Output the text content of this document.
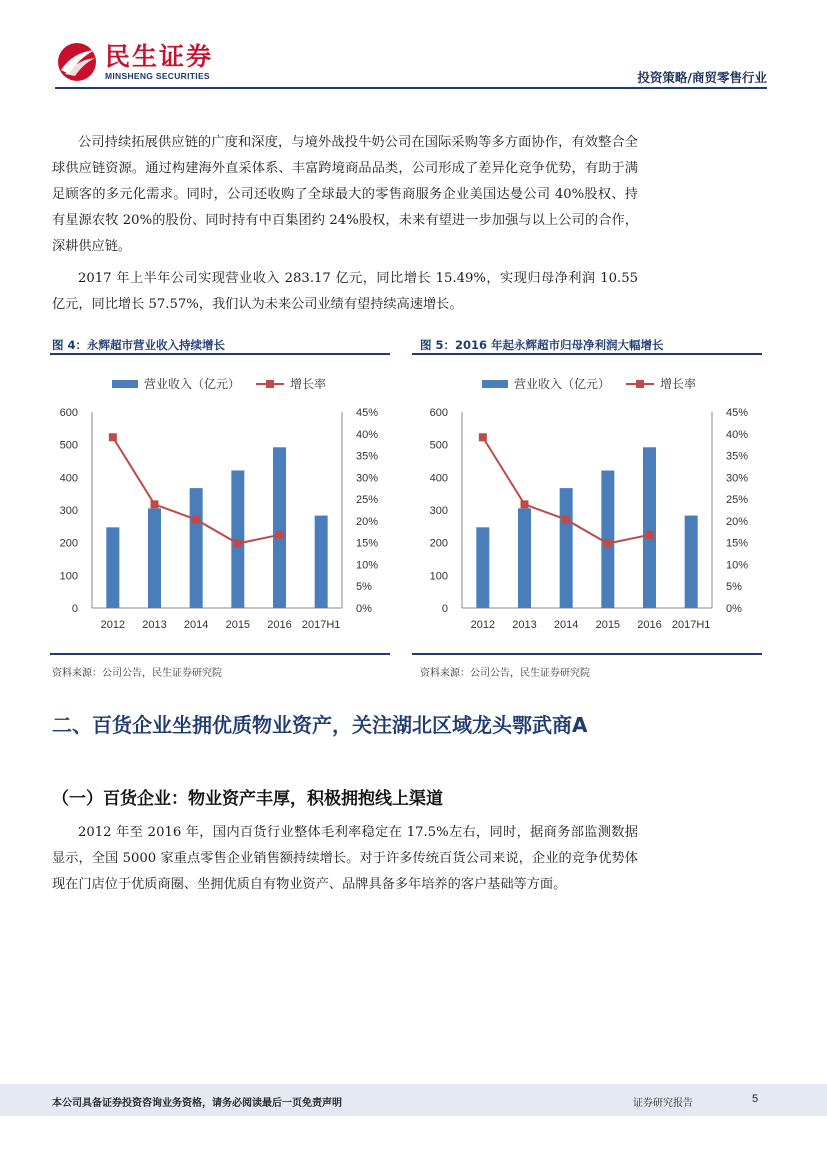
民生证券
MINSHENG SECURITIES	投资策略/商贸零售行业

公司持续拓展供应链的广度和深度，与境外战投牛奶公司在国际采购等多方面协作，有效整合全球供应链资源。通过构建海外直采体系、丰富跨境商品品类，公司形成了差异化竞争优势，有助于满足顾客的多元化需求。同时，公司还收购了全球最大的零售商服务企业美国达曼公司 40%股权、持有星源农牧 20%的股份、同时持有中百集团约 24%股权，未来有望进一步加强与以上公司的合作，深耕供应链。

2017 年上半年公司实现营业收入 283.17 亿元，同比增长 15.49%，实现归母净利润 10.55 亿元，同比增长 57.57%，我们认为未来公司业绩有望持续高速增长。

图 4：永辉超市营业收入持续增长	图 5：2016 年起永辉超市归母净利润大幅增长
营业收入（亿元）	增长率
0
100
200
300
400
500
600
0%
5%
10%
15%
20%
25%
30%
35%
40%
45%
2012 2013 2014 2015 2016 2017H1
营业收入（亿元）	增长率
0
100
200
300
400
500
600
0%
5%
10%
15%
20%
25%
30%
35%
40%
45%
2012 2013 2014 2015 2016 2017H1
资料来源：公司公告，民生证券研究院	资料来源：公司公告，民生证券研究院
二、百货企业坐拥优质物业资产，关注湖北区域龙头鄂武商A
（一）百货企业：物业资产丰厚，积极拥抱线上渠道

2012 年至 2016 年，国内百货行业整体毛利率稳定在 17.5%左右，同时，据商务部监测数据显示，全国 5000 家重点零售企业销售额持续增长。对于许多传统百货公司来说，企业的竞争优势体现在门店位于优质商圈、坐拥优质自有物业资产、品牌具备多年培养的客户基础等方面。

本公司具备证券投资咨询业务资格，请务必阅读最后一页免责声明	证券研究报告	5
